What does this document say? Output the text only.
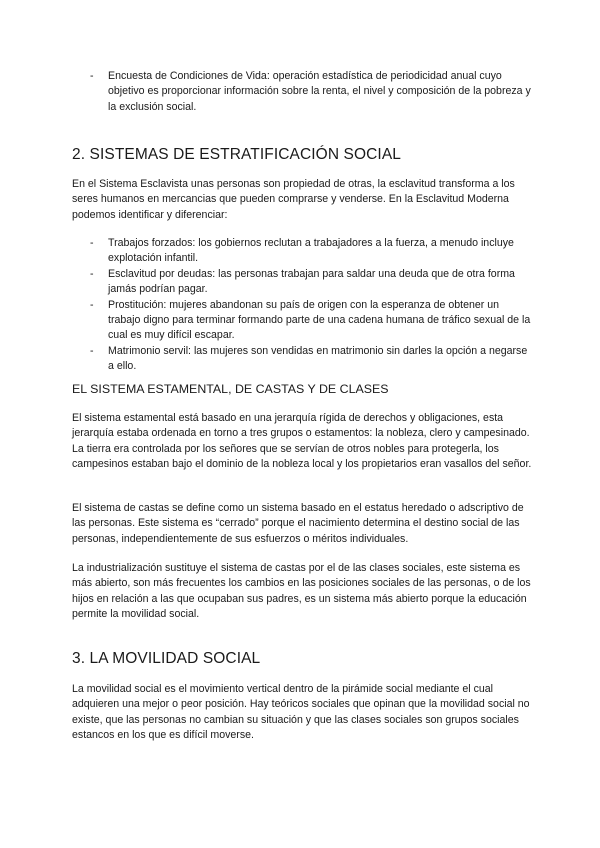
- Encuesta de Condiciones de Vida: operación estadística de periodicidad anual cuyo objetivo es proporcionar información sobre la renta, el nivel y composición de la pobreza y la exclusión social.
2. SISTEMAS DE ESTRATIFICACIÓN SOCIAL

En el Sistema Esclavista unas personas son propiedad de otras, la esclavitud transforma a los seres humanos en mercancias que pueden comprarse y venderse. En la Esclavitud Moderna podemos identificar y diferenciar:

- Trabajos forzados: los gobiernos reclutan a trabajadores a la fuerza, a menudo incluye explotación infantil.
- Esclavitud por deudas: las personas trabajan para saldar una deuda que de otra forma jamás podrían pagar.
- Prostitución: mujeres abandonan su país de origen con la esperanza de obtener un trabajo digno para terminar formando parte de una cadena humana de tráfico sexual de la cual es muy difícil escapar.
- Matrimonio servil: las mujeres son vendidas en matrimonio sin darles la opción a negarse a ello.
EL SISTEMA ESTAMENTAL, DE CASTAS Y DE CLASES

El sistema estamental está basado en una jerarquía rígida de derechos y obligaciones, esta jerarquía estaba ordenada en torno a tres grupos o estamentos: la nobleza, clero y campesinado. La tierra era controlada por los señores que se servían de otros nobles para protegerla, los campesinos estaban bajo el dominio de la nobleza local y los propietarios eran vasallos del señor.

El sistema de castas se define como un sistema basado en el estatus heredado o adscriptivo de las personas. Este sistema es “cerrado” porque el nacimiento determina el destino social de las personas, independientemente de sus esfuerzos o méritos individuales.

La industrialización sustituye el sistema de castas por el de las clases sociales, este sistema es más abierto, son más frecuentes los cambios en las posiciones sociales de las personas, o de los hijos en relación a las que ocupaban sus padres, es un sistema más abierto porque la educación permite la movilidad social.

3. LA MOVILIDAD SOCIAL

La movilidad social es el movimiento vertical dentro de la pirámide social mediante el cual adquieren una mejor o peor posición. Hay teóricos sociales que opinan que la movilidad social no existe, que las personas no cambian su situación y que las clases sociales son grupos sociales estancos en los que es difícil moverse.
